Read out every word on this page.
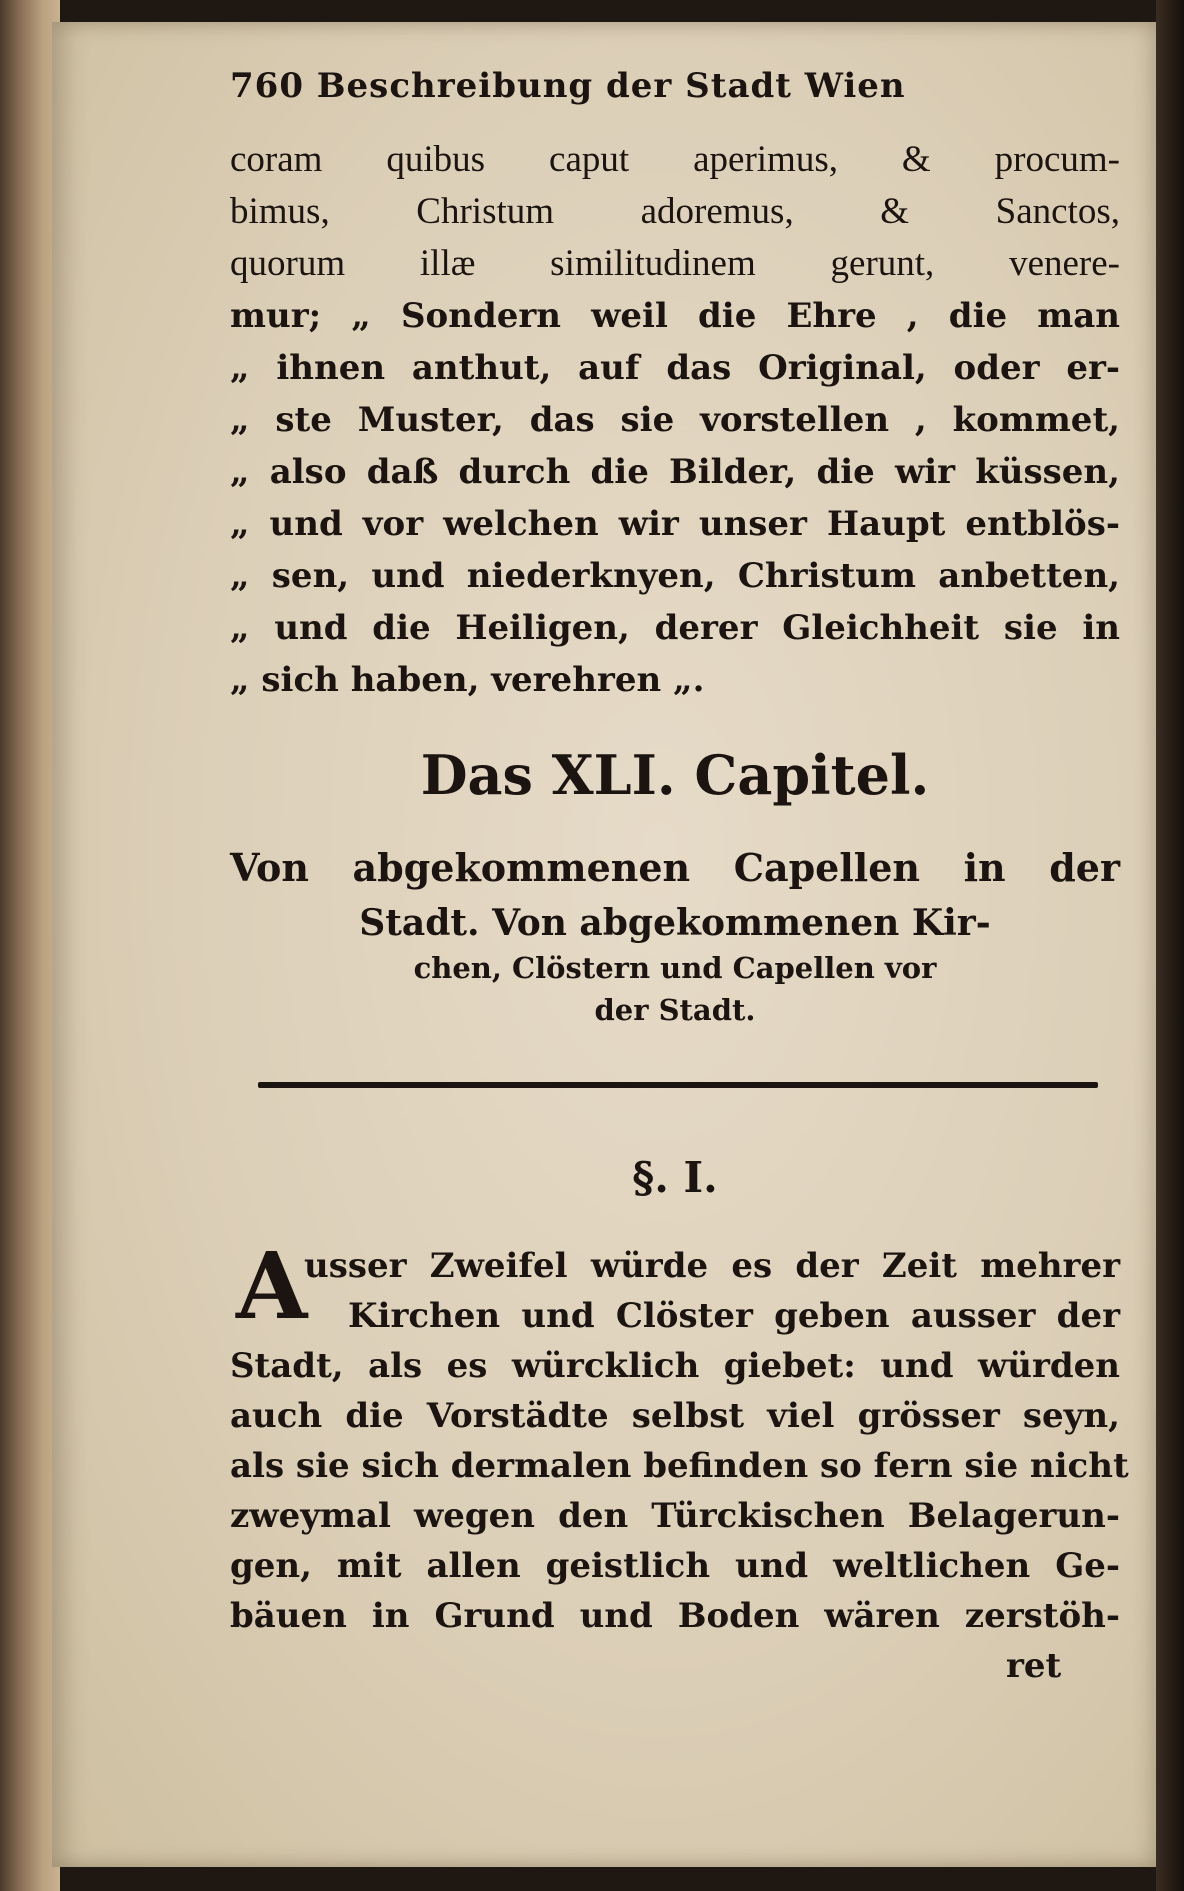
760 Beschreibung der Stadt Wien
coram quibus caput aperimus, & procum-
bimus, Christum adoremus, & Sanctos,
quorum illæ similitudinem gerunt, venere-
mur; „ Sondern weil die Ehre , die man
„ ihnen anthut, auf das Original, oder er-
„ ste Muster, das sie vorstellen , kommet,
„ also daß durch die Bilder, die wir küssen,
„ und vor welchen wir unser Haupt entblös-
„ sen, und niederknyen, Christum anbetten,
„ und die Heiligen, derer Gleichheit sie in
„ sich haben, verehren „.
Das XLI. Capitel.
Von abgekommenen Capellen in der
Stadt. Von abgekommenen Kir-
chen, Clöstern und Capellen vor
der Stadt.
§. I.
A
usser Zweifel würde es der Zeit mehrer
Kirchen und Clöster geben ausser der
Stadt, als es würcklich giebet: und würden
auch die Vorstädte selbst viel grösser seyn,
als sie sich dermalen befinden so fern sie nicht
zweymal wegen den Türckischen Belagerun-
gen, mit allen geistlich und weltlichen Ge-
bäuen in Grund und Boden wären zerstöh-
ret
